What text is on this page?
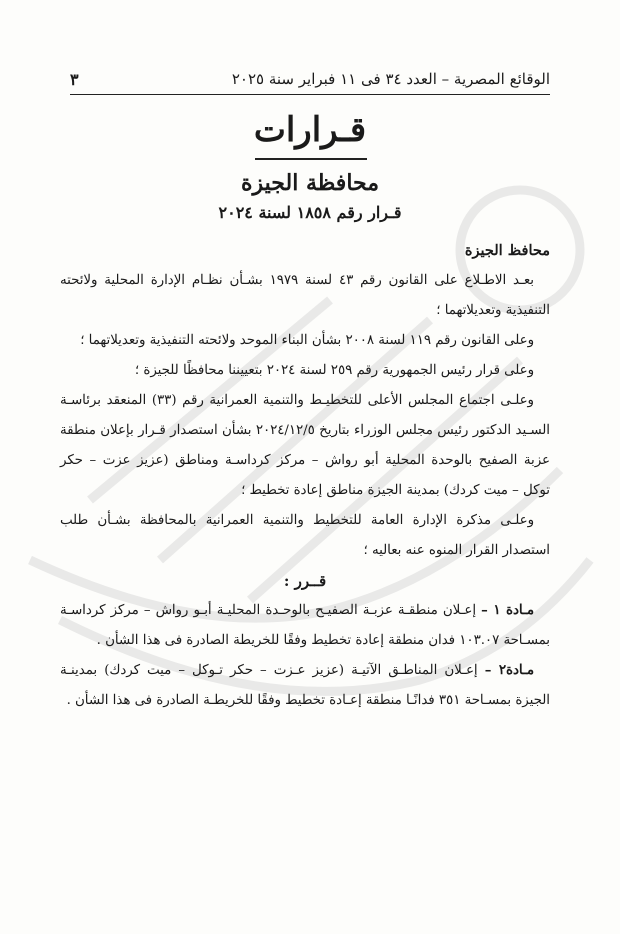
الوقائع المصرية – العدد ٣٤ فى ١١ فبراير سنة ٢٠٢٥
٣
قـرارات
محافظة الجيزة
قـرار رقم ١٨٥٨ لسنة ٢٠٢٤

محافظ الجيزة

بعـد الاطـلاع على القانون رقم ٤٣ لسنة ١٩٧٩ بشـأن نظـام الإدارة المحلية ولائحته التنفيذية وتعديلاتهما ؛

وعلى القانون رقم ١١٩ لسنة ٢٠٠٨ بشأن البناء الموحد ولائحته التنفيذية وتعديلاتهما ؛

وعلى قرار رئيس الجمهورية رقم ٢٥٩ لسنة ٢٠٢٤ بتعييننا محافظًا للجيزة ؛

وعلـى اجتماع المجلس الأعلى للتخطيـط والتنمية العمرانية رقم (٣٣) المنعقد برئاسـة السـيد الدكتور رئيس مجلس الوزراء بتاريخ ٢٠٢٤/١٢/٥ بشأن استصدار قـرار بإعلان منطقة عزبة الصفيح بالوحدة المحلية أبو رواش – مركز كرداسـة ومناطق (عزيز عزت – حكر توكل – ميت كردك) بمدينة الجيزة مناطق إعادة تخطيط ؛

وعلـى مذكرة الإدارة العامة للتخطيط والتنمية العمرانية بالمحافظة بشـأن طلب استصدار القرار المنوه عنه بعاليه ؛

قــرر :

مـادة ١ – إعـلان منطقـة عزبـة الصفيـح بالوحـدة المحليـة أبـو رواش – مركز كرداسـة بمسـاحة ١٠٣.٠٧ فدان منطقة إعادة تخطيط وفقًا للخريطة الصادرة فى هذا الشأن .

مـادة٢ – إعـلان المناطـق الآتيـة (عزيز عـزت – حكر تـوكل – ميت كردك) بمدينـة الجيزة بمسـاحة ٣٥١ فدانًـا منطقة إعـادة تخطيط وفقًا للخريطـة الصادرة فى هذا الشأن .
